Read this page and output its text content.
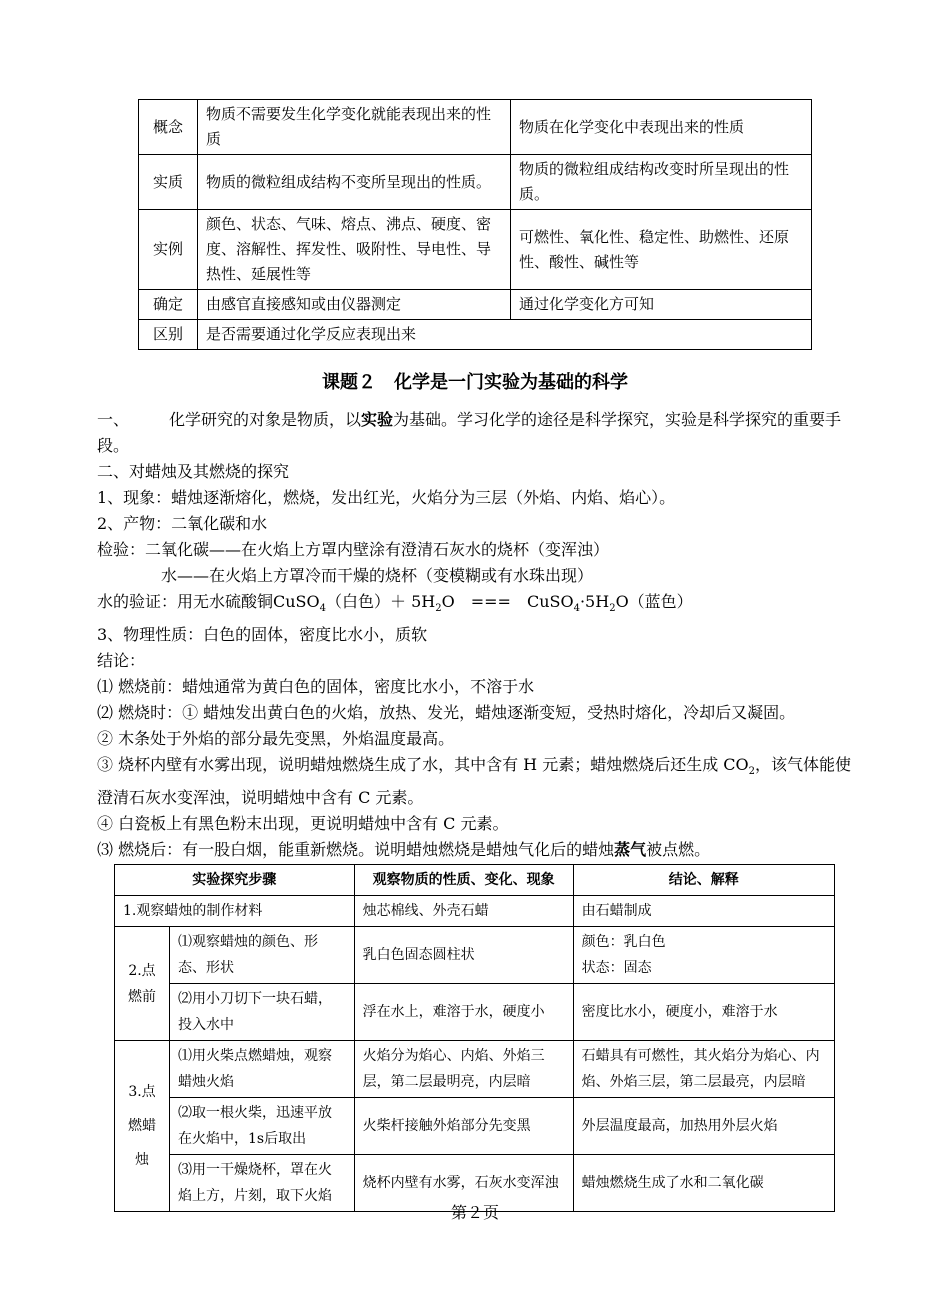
概念	物质不需要发生化学变化就能表现出来的性质	物质在化学变化中表现出来的性质
实质	物质的微粒组成结构不变所呈现出的性质。	物质的微粒组成结构改变时所呈现出的性质。
实例	颜色、状态、气味、熔点、沸点、硬度、密度、溶解性、挥发性、吸附性、导电性、导热性、延展性等	可燃性、氧化性、稳定性、助燃性、还原性、酸性、碱性等
确定	由感官直接感知或由仪器测定	通过化学变化方可知
区别	是否需要通过化学反应表现出来	
课题２　化学是一门实验为基础的科学

一、	化学研究的对象是物质，以实验为基础。学习化学的途径是科学探究，实验是科学探究的重要手段。

二、对蜡烛及其燃烧的探究

1、现象：蜡烛逐渐熔化，燃烧，发出红光，火焰分为三层（外焰、内焰、焰心）。

2、产物：二氧化碳和水

检验：二氧化碳——在火焰上方罩内壁涂有澄清石灰水的烧杯（变浑浊）

水——在火焰上方罩冷而干燥的烧杯（变模糊或有水珠出现）

水的验证：用无水硫酸铜CuSO$_4$（白色）＋ $5H_2O$　===　$CuSO_4\cdot 5H_2O$（蓝色）

3、物理性质：白色的固体，密度比水小，质软

结论：

⑴ 燃烧前：蜡烛通常为黄白色的固体，密度比水小，不溶于水

⑵ 燃烧时：① 蜡烛发出黄白色的火焰，放热、发光，蜡烛逐渐变短，受热时熔化，冷却后又凝固。

② 木条处于外焰的部分最先变黑，外焰温度最高。

③ 烧杯内壁有水雾出现，说明蜡烛燃烧生成了水，其中含有 H 元素；蜡烛燃烧后还生成 $CO_2$，该气体能使澄清石灰水变浑浊，说明蜡烛中含有 C 元素。

④ 白瓷板上有黑色粉末出现，更说明蜡烛中含有 C 元素。

⑶ 燃烧后：有一股白烟，能重新燃烧。说明蜡烛燃烧是蜡烛气化后的蜡烛蒸气被点燃。

实验探究步骤		观察物质的性质、变化、现象	结论、解释
1.观察蜡烛的制作材料		烛芯棉线、外壳石蜡	由石蜡制成
2.点燃前	⑴观察蜡烛的颜色、形态、形状	乳白色固态圆柱状	颜色：乳白色
状态：固态

	⑵用小刀切下一块石蜡，投入水中	浮在水上，难溶于水，硬度小	密度比水小，硬度小，难溶于水
3.点燃蜡烛	⑴用火柴点燃蜡烛，观察蜡烛火焰	火焰分为焰心、内焰、外焰三层，第二层最明亮，内层暗	石蜡具有可燃性，其火焰分为焰心、内焰、外焰三层，第二层最亮，内层暗
	⑵取一根火柴，迅速平放在火焰中，1s后取出	火柴杆接触外焰部分先变黑	外层温度最高，加热用外层火焰
	⑶用一干燥烧杯，罩在火焰上方，片刻，取下火焰	烧杯内壁有水雾，石灰水变浑浊	蜡烛燃烧生成了水和二氧化碳
第２页
